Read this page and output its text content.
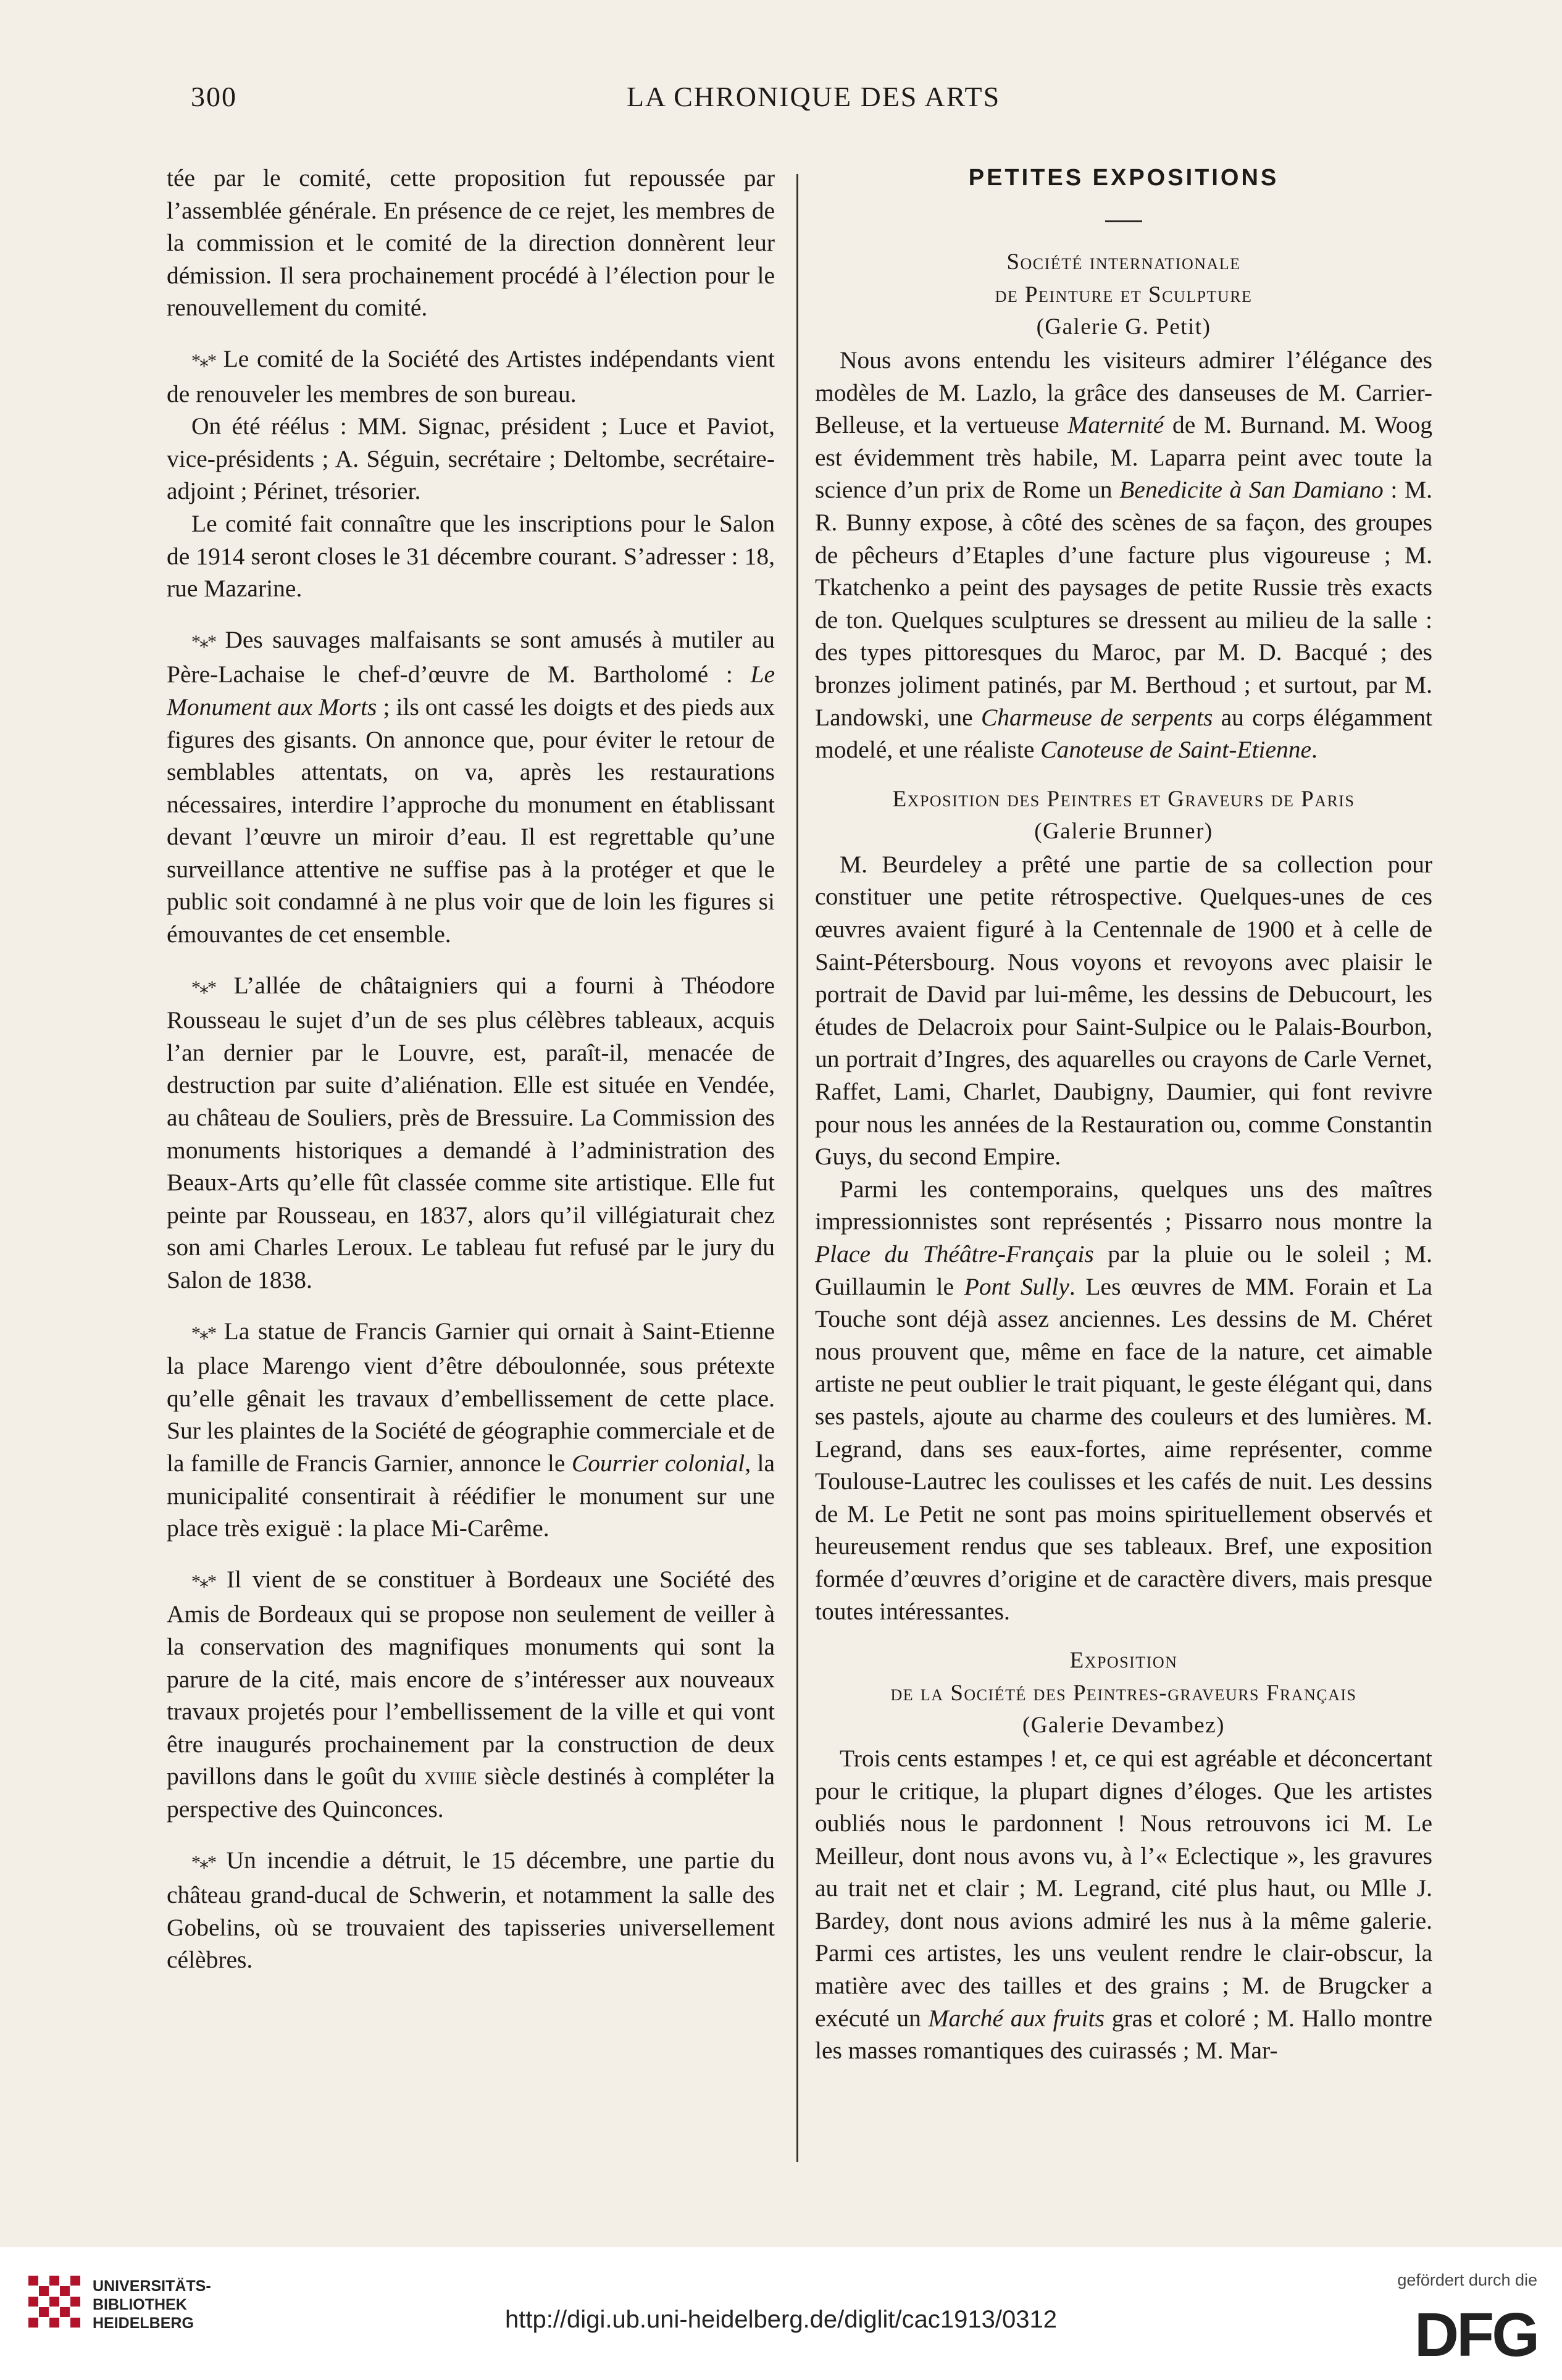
300	LA CHRONIQUE DES ARTS

tée par le comité, cette proposition fut repoussée par l’assemblée générale. En présence de ce rejet, les membres de la commission et le comité de la direction donnèrent leur démission. Il sera prochainement procédé à l’élection pour le renouvellement du comité.

*⁎* Le comité de la Société des Artistes indépendants vient de renouveler les membres de son bureau.

On été réélus : MM. Signac, président ; Luce et Paviot, vice-présidents ; A. Séguin, secrétaire ; Deltombe, secrétaire-adjoint ; Périnet, trésorier.

Le comité fait connaître que les inscriptions pour le Salon de 1914 seront closes le 31 décembre courant. S’adresser : 18, rue Mazarine.

*⁎* Des sauvages malfaisants se sont amusés à mutiler au Père-Lachaise le chef-d’œuvre de M. Bartholomé : Le Monument aux Morts ; ils ont cassé les doigts et des pieds aux figures des gisants. On annonce que, pour éviter le retour de semblables attentats, on va, après les restaurations nécessaires, interdire l’approche du monument en établissant devant l’œuvre un miroir d’eau. Il est regrettable qu’une surveillance attentive ne suffise pas à la protéger et que le public soit condamné à ne plus voir que de loin les figures si émouvantes de cet ensemble.

*⁎* L’allée de châtaigniers qui a fourni à Théodore Rousseau le sujet d’un de ses plus célèbres tableaux, acquis l’an dernier par le Louvre, est, paraît-il, menacée de destruction par suite d’aliénation. Elle est située en Vendée, au château de Souliers, près de Bressuire. La Commission des monuments historiques a demandé à l’administration des Beaux-Arts qu’elle fût classée comme site artistique. Elle fut peinte par Rousseau, en 1837, alors qu’il villégiaturait chez son ami Charles Leroux. Le tableau fut refusé par le jury du Salon de 1838.

*⁎* La statue de Francis Garnier qui ornait à Saint-Etienne la place Marengo vient d’être déboulonnée, sous prétexte qu’elle gênait les travaux d’embellissement de cette place. Sur les plaintes de la Société de géographie commerciale et de la famille de Francis Garnier, annonce le Courrier colonial, la municipalité consentirait à réédifier le monument sur une place très exiguë : la place Mi-Carême.

*⁎* Il vient de se constituer à Bordeaux une Société des Amis de Bordeaux qui se propose non seulement de veiller à la conservation des magnifiques monuments qui sont la parure de la cité, mais encore de s’intéresser aux nouveaux travaux projetés pour l’embellissement de la ville et qui vont être inaugurés prochainement par la construction de deux pavillons dans le goût du xviiie siècle destinés à compléter la perspective des Quinconces.

*⁎* Un incendie a détruit, le 15 décembre, une partie du château grand-ducal de Schwerin, et notamment la salle des Gobelins, où se trouvaient des tapisseries universellement célèbres.

PETITES EXPOSITIONS
Société internationale
de Peinture et Sculpture
(Galerie G. Petit)

Nous avons entendu les visiteurs admirer l’élégance des modèles de M. Lazlo, la grâce des danseuses de M. Carrier-Belleuse, et la vertueuse Maternité de M. Burnand. M. Woog est évidemment très habile, M. Laparra peint avec toute la science d’un prix de Rome un Benedicite à San Damiano : M. R. Bunny expose, à côté des scènes de sa façon, des groupes de pêcheurs d’Etaples d’une facture plus vigoureuse ; M. Tkatchenko a peint des paysages de petite Russie très exacts de ton. Quelques sculptures se dressent au milieu de la salle : des types pittoresques du Maroc, par M. D. Bacqué ; des bronzes joliment patinés, par M. Berthoud ; et surtout, par M. Landowski, une Charmeuse de serpents au corps élégamment modelé, et une réaliste Canoteuse de Saint-Etienne.

Exposition des Peintres et Graveurs de Paris
(Galerie Brunner)

M. Beurdeley a prêté une partie de sa collection pour constituer une petite rétrospective. Quelques-unes de ces œuvres avaient figuré à la Centennale de 1900 et à celle de Saint-Pétersbourg. Nous voyons et revoyons avec plaisir le portrait de David par lui-même, les dessins de Debucourt, les études de Delacroix pour Saint-Sulpice ou le Palais-Bourbon, un portrait d’Ingres, des aquarelles ou crayons de Carle Vernet, Raffet, Lami, Charlet, Daubigny, Daumier, qui font revivre pour nous les années de la Restauration ou, comme Constantin Guys, du second Empire.

Parmi les contemporains, quelques uns des maîtres impressionnistes sont représentés ; Pissarro nous montre la Place du Théâtre-Français par la pluie ou le soleil ; M. Guillaumin le Pont Sully. Les œuvres de MM. Forain et La Touche sont déjà assez anciennes. Les dessins de M. Chéret nous prouvent que, même en face de la nature, cet aimable artiste ne peut oublier le trait piquant, le geste élégant qui, dans ses pastels, ajoute au charme des couleurs et des lumières. M. Legrand, dans ses eaux-fortes, aime représenter, comme Toulouse-Lautrec les coulisses et les cafés de nuit. Les dessins de M. Le Petit ne sont pas moins spirituellement observés et heureusement rendus que ses tableaux. Bref, une exposition formée d’œuvres d’origine et de caractère divers, mais presque toutes intéressantes.

Exposition
de la Société des Peintres-graveurs Français
(Galerie Devambez)

Trois cents estampes ! et, ce qui est agréable et déconcertant pour le critique, la plupart dignes d’éloges. Que les artistes oubliés nous le pardonnent ! Nous retrouvons ici M. Le Meilleur, dont nous avons vu, à l’« Eclectique », les gravures au trait net et clair ; M. Legrand, cité plus haut, ou Mlle J. Bardey, dont nous avions admiré les nus à la même galerie. Parmi ces artistes, les uns veulent rendre le clair-obscur, la matière avec des tailles et des grains ; M. de Brugcker a exécuté un Marché aux fruits gras et coloré ; M. Hallo montre les masses romantiques des cuirassés ; M. Mar-

UNIVERSITÄTS-
BIBLIOTHEK
HEIDELBERG	http://digi.ub.uni-heidelberg.de/diglit/cac1913/0312
gefördert durch die
DFG
